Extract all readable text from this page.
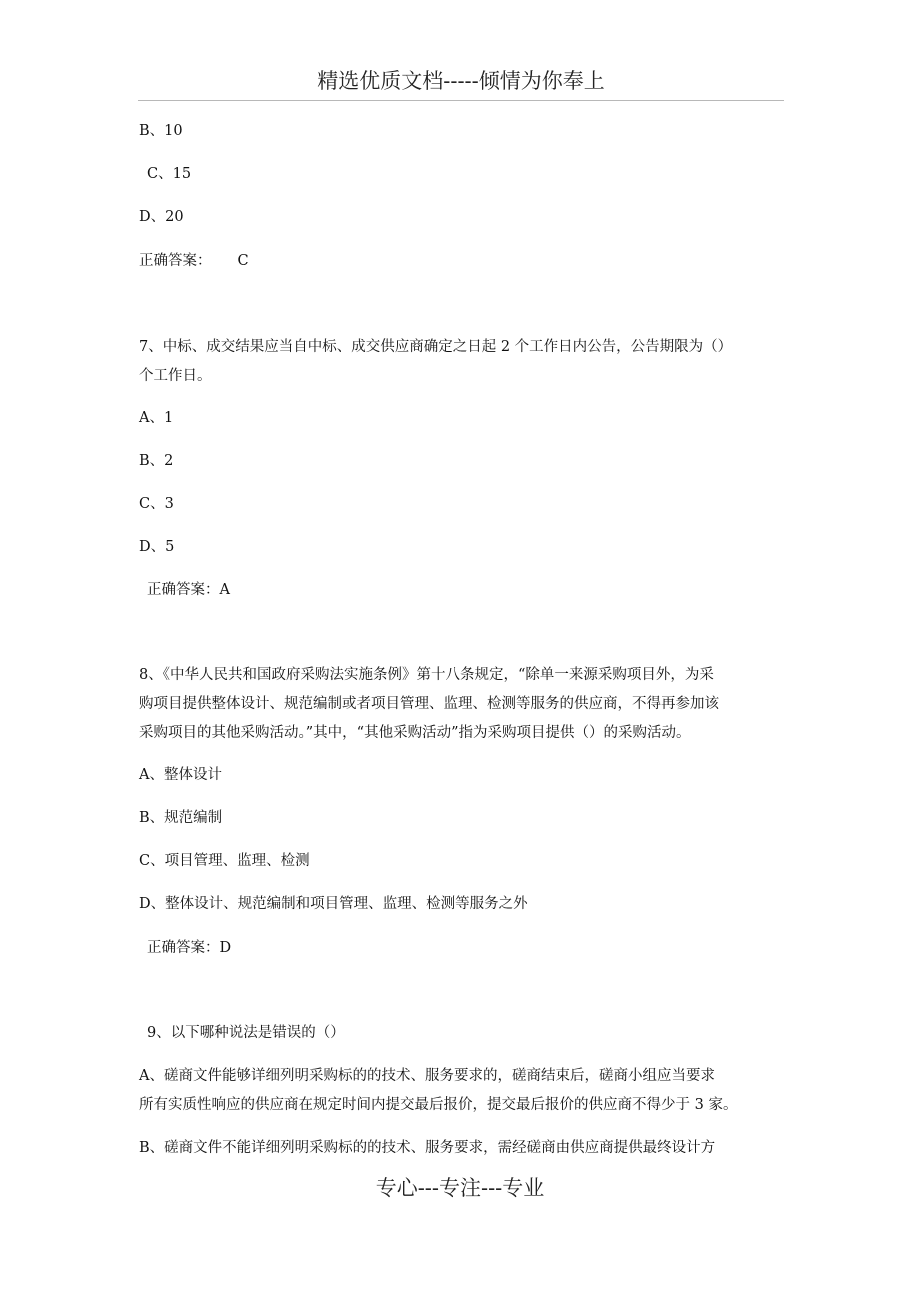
精选优质文档-----倾情为你奉上
B、10
C、15
D、20
正确答案： C
7、中标、成交结果应当自中标、成交供应商确定之日起 2 个工作日内公告，公告期限为（）
个工作日。
A、1
B、2
C、3
D、5
正确答案：A
8、《中华人民共和国政府采购法实施条例》第十八条规定，“除单一来源采购项目外，为采
购项目提供整体设计、规范编制或者项目管理、监理、检测等服务的供应商，不得再参加该
采购项目的其他采购活动。”其中，“其他采购活动”指为采购项目提供（）的采购活动。
A、整体设计
B、规范编制
C、项目管理、监理、检测
D、整体设计、规范编制和项目管理、监理、检测等服务之外
正确答案：D
9、以下哪种说法是错误的（）
A、磋商文件能够详细列明采购标的的技术、服务要求的，磋商结束后，磋商小组应当要求
所有实质性响应的供应商在规定时间内提交最后报价，提交最后报价的供应商不得少于 3 家。
B、磋商文件不能详细列明采购标的的技术、服务要求，需经磋商由供应商提供最终设计方
专心---专注---专业
